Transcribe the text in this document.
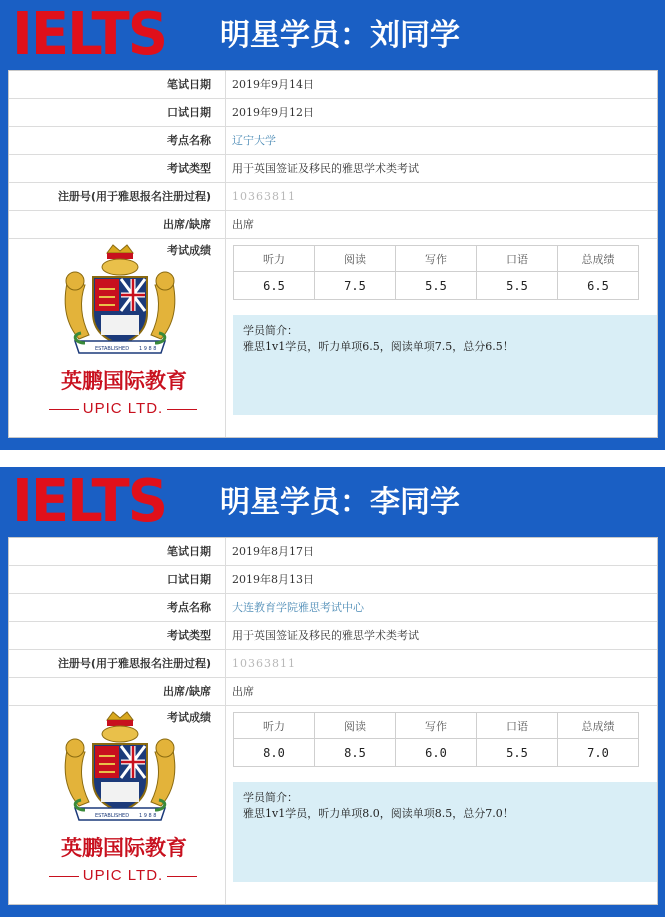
IELTS 明星学员：刘同学
笔试日期	2019年9月14日
口试日期	2019年9月12日
考点名称	辽宁大学
考试类型	用于英国签证及移民的雅思学术类考试
注册号(用于雅思报名注册过程)	10363811
出席/缺席	出席
考试成绩
ESTABLISHED 1 9 8 8
英鹏国际教育
UPIC LTD.
听力	阅读	写作	口语	总成绩
6.5	7.5	5.5	5.5	6.5
学员简介：
雅思1v1学员，听力单项6.5，阅读单项7.5，总分6.5！
IELTS 明星学员：李同学
笔试日期	2019年8月17日
口试日期	2019年8月13日
考点名称	大连教育学院雅思考试中心
考试类型	用于英国签证及移民的雅思学术类考试
注册号(用于雅思报名注册过程)	10363811
出席/缺席	出席
考试成绩
ESTABLISHED 1 9 8 8
英鹏国际教育
UPIC LTD.
听力	阅读	写作	口语	总成绩
8.0	8.5	6.0	5.5	7.0
学员简介：
雅思1v1学员，听力单项8.0，阅读单项8.5，总分7.0！
